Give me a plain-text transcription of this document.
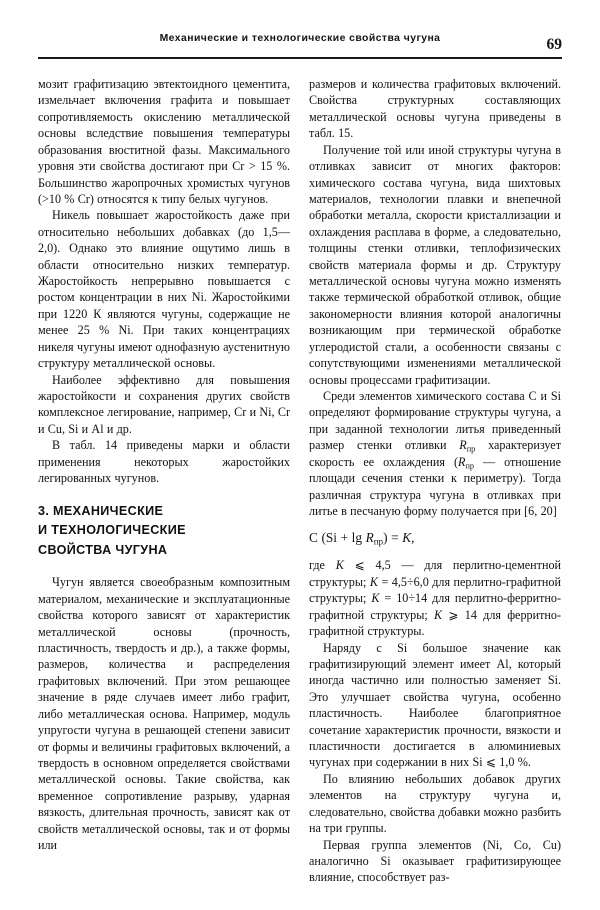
Механические и технологические свойства чугуна	69

мозит графитизацию эвтектоидного цементита, измельчает включения графита и повышает сопротивляемость окислению металлической основы вследствие повышения температуры образования вюститной фазы. Максимального уровня эти свойства достигают при Cr > 15 %. Большинство жаропрочных хромистых чугунов (>10 % Cr) относятся к типу белых чугунов.

Никель повышает жаростойкость даже при относительно небольших добавках (до 1,5—2,0). Однако это влияние ощутимо лишь в области относительно низких температур. Жаростойкость непрерывно повышается с ростом концентрации в них Ni. Жаростойкими при 1220 К являются чугуны, содержащие не менее 25 % Ni. При таких концентрациях никеля чугуны имеют однофазную аустенитную структуру металлической основы.

Наиболее эффективно для повышения жаростойкости и сохранения других свойств комплексное легирование, например, Cr и Ni, Cr и Cu, Si и Al и др.

В табл. 14 приведены марки и области применения некоторых жаростойких легированных чугунов.

3. МЕХАНИЧЕСКИЕ
И ТЕХНОЛОГИЧЕСКИЕ
СВОЙСТВА ЧУГУНА

Чугун является своеобразным композитным материалом, механические и эксплуатационные свойства которого зависят от характеристик металлической основы (прочность, пластичность, твердость и др.), а также формы, размеров, количества и распределения графитовых включений. При этом решающее значение в ряде случаев имеет либо графит, либо металлическая основа. Например, модуль упругости чугуна в решающей степени зависит от формы и величины графитовых включений, а твердость в основном определяется свойствами металлической основы. Такие свойства, как временное сопротивление разрыву, ударная вязкость, длительная прочность, зависят как от свойств металлической основы, так и от формы или

размеров и количества графитовых включений. Свойства структурных составляющих металлической основы чугуна приведены в табл. 15.

Получение той или иной структуры чугуна в отливках зависит от многих факторов: химического состава чугуна, вида шихтовых материалов, технологии плавки и внепечной обработки металла, скорости кристаллизации и охлаждения расплава в форме, а следовательно, толщины стенки отливки, теплофизических свойств материала формы и др. Структуру металлической основы чугуна можно изменять также термической обработкой отливок, общие закономерности влияния которой аналогичны возникающим при термической обработке углеродистой стали, а особенности связаны с сопутствующими изменениями металлической основы процессами графитизации.

Среди элементов химического состава C и Si определяют формирование структуры чугуна, а при заданной технологии литья приведенный размер стенки отливки $R_{пр}$ характеризует скорость ее охлаждения ($R_{пр}$ — отношение площади сечения стенки к периметру). Тогда различная структура чугуна в отливках при литье в песчаную форму получается при [6, 20]

C $(Si + \lg R_{пр}) = K$,

где K ⩽ 4,5 — для перлитно-цементной структуры; K = 4,5÷6,0 для перлитно-графитной структуры; K = 10÷14 для перлитно-ферритно-графитной структуры; K ⩾ 14 для ферритно-графитной структуры.

Наряду с Si большое значение как графитизирующий элемент имеет Al, который иногда частично или полностью заменяет Si. Это улучшает свойства чугуна, особенно пластичность. Наиболее благоприятное сочетание характеристик прочности, вязкости и пластичности достигается в алюминиевых чугунах при содержании в них Si ⩽ 1,0 %.

По влиянию небольших добавок других элементов на структуру чугуна и, следовательно, свойства добавки можно разбить на три группы.

Первая группа элементов (Ni, Co, Cu) аналогично Si оказывает графитизирующее влияние, способствует раз-
